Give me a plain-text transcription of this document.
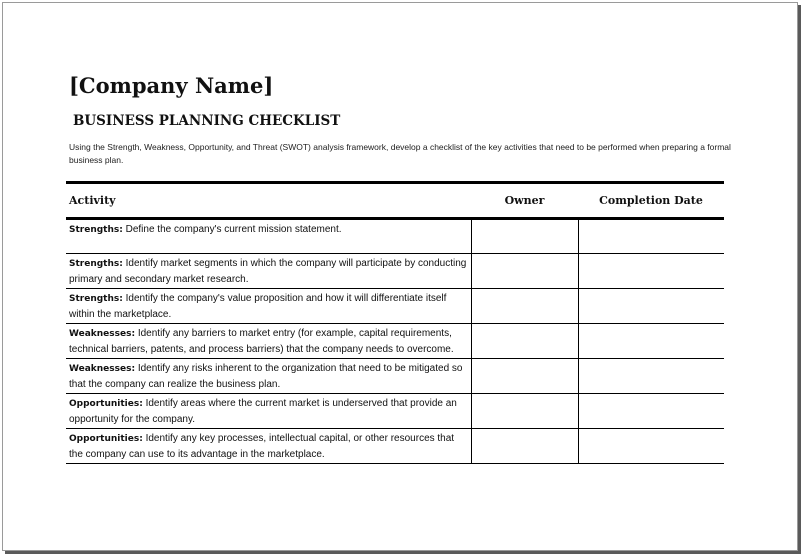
[Company Name]
BUSINESS PLANNING CHECKLIST

Using the Strength, Weakness, Opportunity, and Threat (SWOT) analysis framework, develop a checklist of the key activities that need to be performed when preparing a formal business plan.

Activity	Owner	Completion Date

Strengths: Define the company's current mission statement.		

Strengths: Identify market segments in which the company will participate by conducting primary and secondary market research.		

Strengths: Identify the company's value proposition and how it will differentiate itself within the marketplace.		

Weaknesses: Identify any barriers to market entry (for example, capital requirements, technical barriers, patents, and process barriers) that the company needs to overcome.		

Weaknesses: Identify any risks inherent to the organization that need to be mitigated so that the company can realize the business plan.		

Opportunities: Identify areas where the current market is underserved that provide an opportunity for the company.		

Opportunities: Identify any key processes, intellectual capital, or other resources that the company can use to its advantage in the marketplace.		
